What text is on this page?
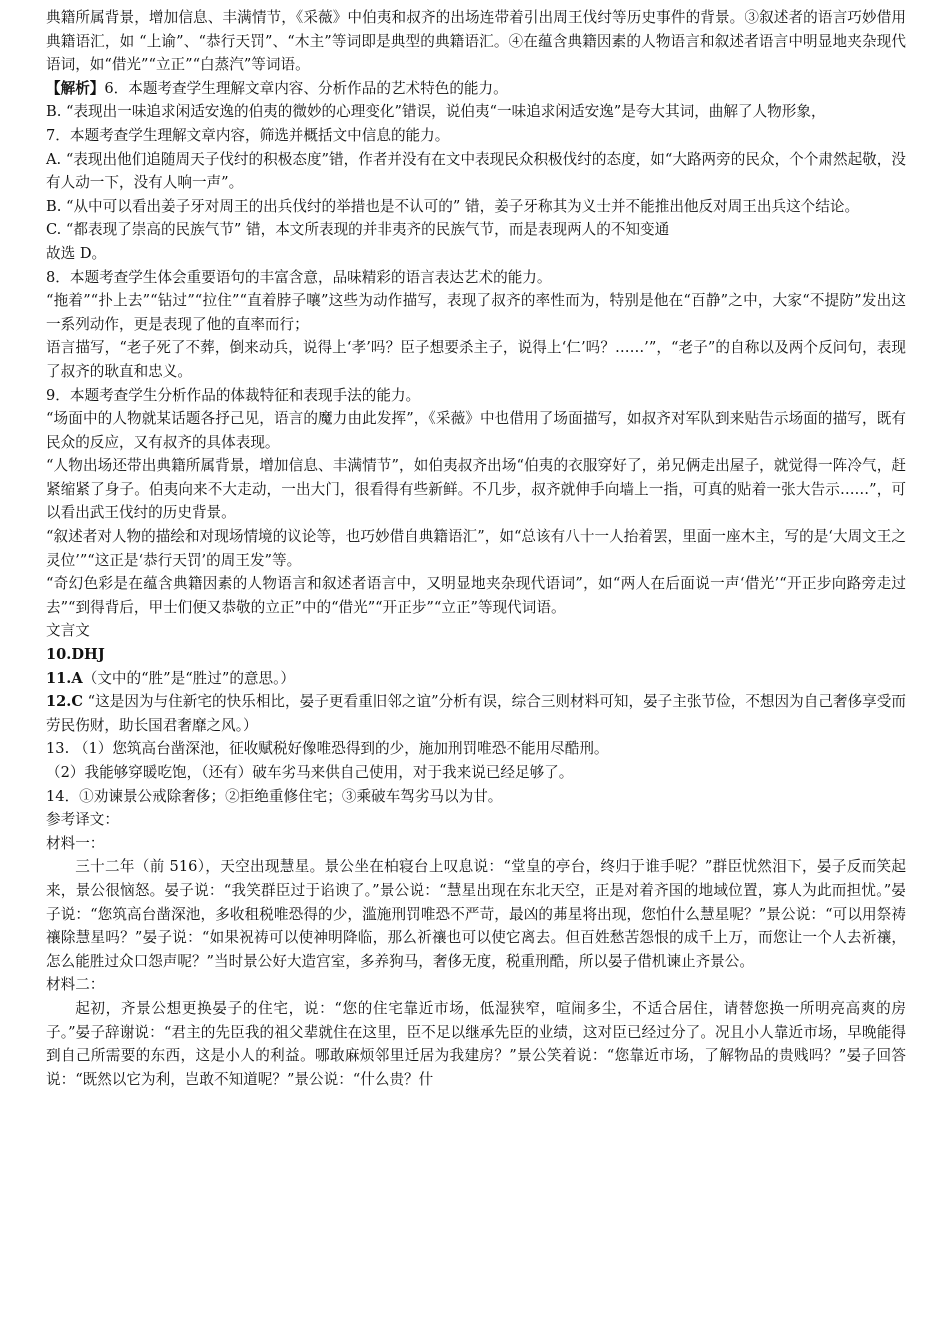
典籍所属背景，增加信息、丰满情节，《采薇》中伯夷和叔齐的出场连带着引出周王伐纣等历史事件的背景。③叙述者的语言巧妙借用典籍语汇，如 “上谕”、“恭行天罚”、“木主”等词即是典型的典籍语汇。④在蕴含典籍因素的人物语言和叙述者语言中明显地夹杂现代语词，如“借光”“立正”“白蒸汽”等词语。

【解析】6．本题考查学生理解文章内容、分析作品的艺术特色的能力。

B. “表现出一味追求闲适安逸的伯夷的微妙的心理变化”错误，说伯夷“一味追求闲适安逸”是夸大其词，曲解了人物形象，

7．本题考查学生理解文章内容，筛选并概括文中信息的能力。

A. “表现出他们追随周天子伐纣的积极态度”错，作者并没有在文中表现民众积极伐纣的态度，如“大路两旁的民众，个个肃然起敬，没有人动一下，没有人响一声”。

B. “从中可以看出姜子牙对周王的出兵伐纣的举措也是不认可的” 错，姜子牙称其为义士并不能推出他反对周王出兵这个结论。

C. “都表现了崇高的民族气节” 错，本文所表现的并非夷齐的民族气节，而是表现两人的不知变通

故选 D。

8．本题考查学生体会重要语句的丰富含意，品味精彩的语言表达艺术的能力。

“拖着”“扑上去”“钻过”“拉住”“直着脖子嚷”这些为动作描写，表现了叔齐的率性而为，特别是他在“百静”之中，大家“不提防”发出这一系列动作，更是表现了他的直率而行；

语言描写，“老子死了不葬，倒来动兵，说得上‘孝’吗？臣子想要杀主子，说得上‘仁’吗？……’”，“老子”的自称以及两个反问句，表现了叔齐的耿直和忠义。

9．本题考查学生分析作品的体裁特征和表现手法的能力。

“场面中的人物就某话题各抒己见，语言的魔力由此发挥”，《采薇》中也借用了场面描写，如叔齐对军队到来贴告示场面的描写，既有民众的反应，又有叔齐的具体表现。

“人物出场还带出典籍所属背景，增加信息、丰满情节”，如伯夷叔齐出场“伯夷的衣服穿好了，弟兄俩走出屋子，就觉得一阵冷气，赶紧缩紧了身子。伯夷向来不大走动，一出大门，很看得有些新鲜。不几步，叔齐就伸手向墙上一指，可真的贴着一张大告示……”，可以看出武王伐纣的历史背景。

“叙述者对人物的描绘和对现场情境的议论等，也巧妙借自典籍语汇”，如“总该有八十一人抬着罢，里面一座木主，写的是‘大周文王之灵位’”“这正是‘恭行天罚’的周王发”等。

“奇幻色彩是在蕴含典籍因素的人物语言和叙述者语言中，又明显地夹杂现代语词”，如“两人在后面说一声‘借光’“开正步向路旁走过去”“到得背后，甲士们便又恭敬的立正”中的“借光”“开正步”“立正”等现代词语。

文言文

10.DHJ

11.A（文中的“胜”是“胜过”的意思。）

12.C “这是因为与住新宅的快乐相比，晏子更看重旧邻之谊”分析有误，综合三则材料可知，晏子主张节俭，不想因为自己奢侈享受而劳民伤财，助长国君奢靡之风。）

13. （1）您筑高台凿深池，征收赋税好像唯恐得到的少，施加刑罚唯恐不能用尽酷刑。

（2）我能够穿暖吃饱，（还有）破车劣马来供自己使用，对于我来说已经足够了。

14．①劝谏景公戒除奢侈；②拒绝重修住宅；③乘破车驾劣马以为甘。

参考译文：

材料一：

三十二年（前 516），天空出现慧星。景公坐在柏寝台上叹息说：“堂皇的亭台，终归于谁手呢？”群臣忧然泪下，晏子反而笑起来，景公很恼怒。晏子说：“我笑群臣过于谄谀了。”景公说：“慧星出现在东北天空，正是对着齐国的地域位置，寡人为此而担忧。”晏子说：“您筑高台凿深池，多收租税唯恐得的少，滥施刑罚唯恐不严苛，最凶的茀星将出现，您怕什么慧星呢？”景公说：“可以用祭祷禳除慧星吗？”晏子说：“如果祝祷可以使神明降临，那么祈禳也可以使它离去。但百姓愁苦怨恨的成千上万，而您让一个人去祈禳，怎么能胜过众口怨声呢？”当时景公好大造宫室，多养狗马，奢侈无度，税重刑酷，所以晏子借机谏止齐景公。

材料二：

起初，齐景公想更换晏子的住宅，说：“您的住宅靠近市场，低湿狭窄，喧闹多尘，不适合居住，请替您换一所明亮高爽的房子。”晏子辞谢说：“君主的先臣我的祖父辈就住在这里，臣不足以继承先臣的业绩，这对臣已经过分了。况且小人靠近市场，早晚能得到自己所需要的东西，这是小人的利益。哪敢麻烦邻里迁居为我建房？”景公笑着说：“您靠近市场，了解物品的贵贱吗？”晏子回答说：“既然以它为利，岂敢不知道呢？”景公说：“什么贵？什
